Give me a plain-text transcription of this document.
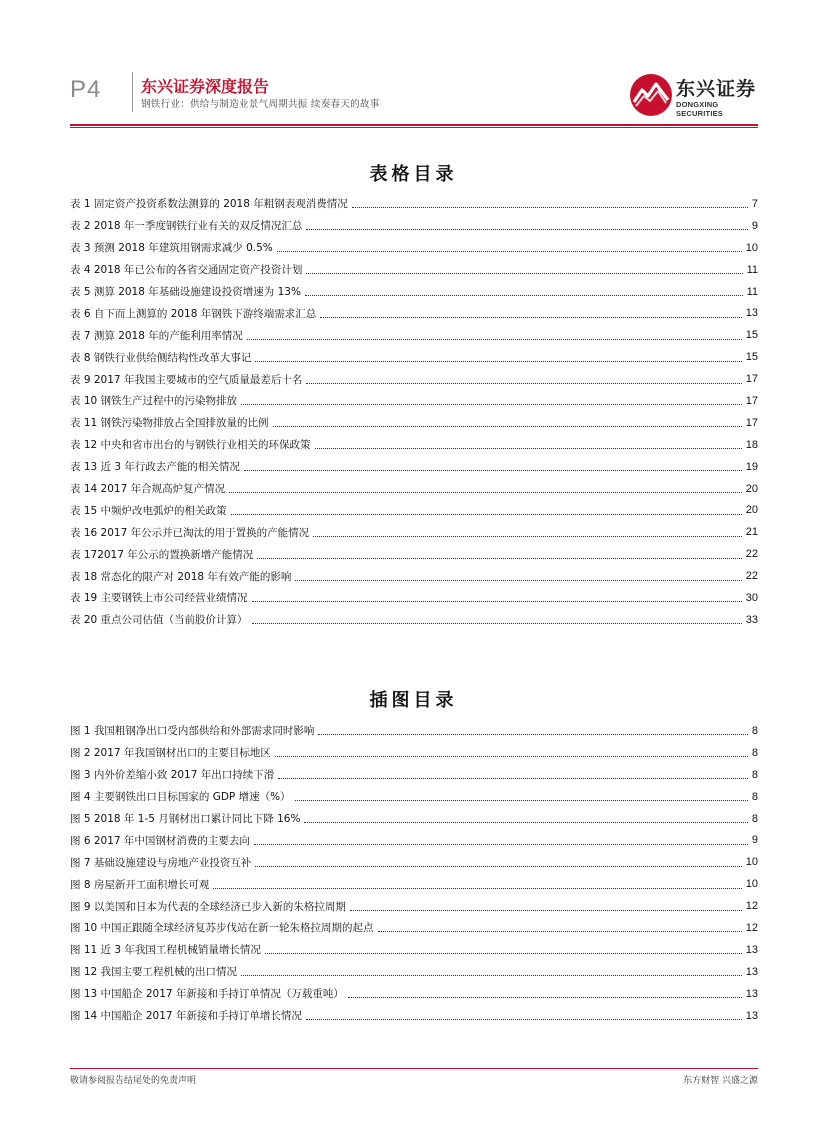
P4 东兴证券深度报告
钢铁行业：供给与制造业景气周期共振 续奏春天的故事
东兴证券
DONGXING SECURITIES
表格目录
表 1 固定资产投资系数法测算的 2018 年粗钢表观消费情况	7
表 2 2018 年一季度钢铁行业有关的双反情况汇总	9
表 3 预测 2018 年建筑用钢需求减少 0.5%	10
表 4 2018 年已公布的各省交通固定资产投资计划	11
表 5 测算 2018 年基础设施建设投资增速为 13%	11
表 6 自下而上测算的 2018 年钢铁下游终端需求汇总	13
表 7 测算 2018 年的产能利用率情况	15
表 8 钢铁行业供给侧结构性改革大事记	15
表 9 2017 年我国主要城市的空气质量最差后十名	17
表 10 钢铁生产过程中的污染物排放	17
表 11 钢铁污染物排放占全国排放量的比例	17
表 12 中央和省市出台的与钢铁行业相关的环保政策	18
表 13 近 3 年行政去产能的相关情况	19
表 14 2017 年合规高炉复产情况	20
表 15 中频炉改电弧炉的相关政策	20
表 16 2017 年公示并已淘汰的用于置换的产能情况	21
表 172017 年公示的置换新增产能情况	22
表 18 常态化的限产对 2018 年有效产能的影响	22
表 19 主要钢铁上市公司经营业绩情况	30
表 20 重点公司估值（当前股价计算）	33
插图目录
图 1 我国粗钢净出口受内部供给和外部需求同时影响	8
图 2 2017 年我国钢材出口的主要目标地区	8
图 3 内外价差缩小致 2017 年出口持续下滑	8
图 4 主要钢铁出口目标国家的 GDP 增速（%）	8
图 5 2018 年 1-5 月钢材出口累计同比下降 16%	8
图 6 2017 年中国钢材消费的主要去向	9
图 7 基础设施建设与房地产业投资互补	10
图 8 房屋新开工面积增长可观	10
图 9 以美国和日本为代表的全球经济已步入新的朱格拉周期	12
图 10 中国正跟随全球经济复苏步伐站在新一轮朱格拉周期的起点	12
图 11 近 3 年我国工程机械销量增长情况	13
图 12 我国主要工程机械的出口情况	13
图 13 中国船企 2017 年新接和手持订单情况（万载重吨）	13
图 14 中国船企 2017 年新接和手持订单增长情况	13
敬请参阅报告结尾处的免责声明	东方财智 兴盛之源
